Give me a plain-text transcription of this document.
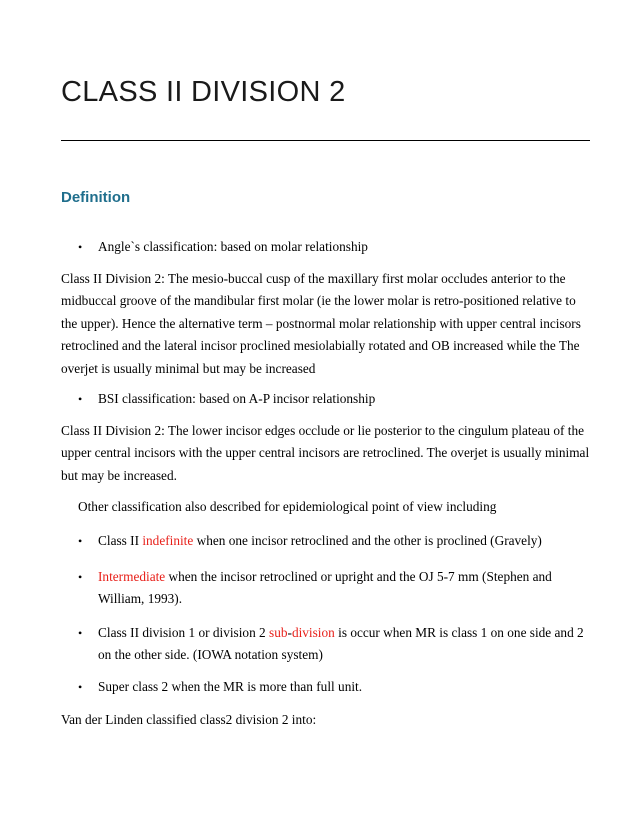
CLASS II DIVISION 2
Definition
• Angle`s classification: based on molar relationship

Class II Division 2: The mesio-buccal cusp of the maxillary first molar occludes anterior to the midbuccal groove of the mandibular first molar (ie the lower molar is retro-positioned relative to the upper). Hence the alternative term – postnormal molar relationship with upper central incisors retroclined and the lateral incisor proclined mesiolabially rotated and OB increased while the The overjet is usually minimal but may be increased

• BSI classification: based on A-P incisor relationship

Class II Division 2: The lower incisor edges occlude or lie posterior to the cingulum plateau of the upper central incisors with the upper central incisors are retroclined. The overjet is usually minimal but may be increased.

Other classification also described for epidemiological point of view including

• Class II indefinite when one incisor retroclined and the other is proclined (Gravely)
• Intermediate when the incisor retroclined or upright and the OJ 5-7 mm (Stephen and William, 1993).
• Class II division 1 or division 2 sub-division is occur when MR is class 1 on one side and 2 on the other side. (IOWA notation system)
• Super class 2 when the MR is more than full unit.

Van der Linden classified class2 division 2 into:
